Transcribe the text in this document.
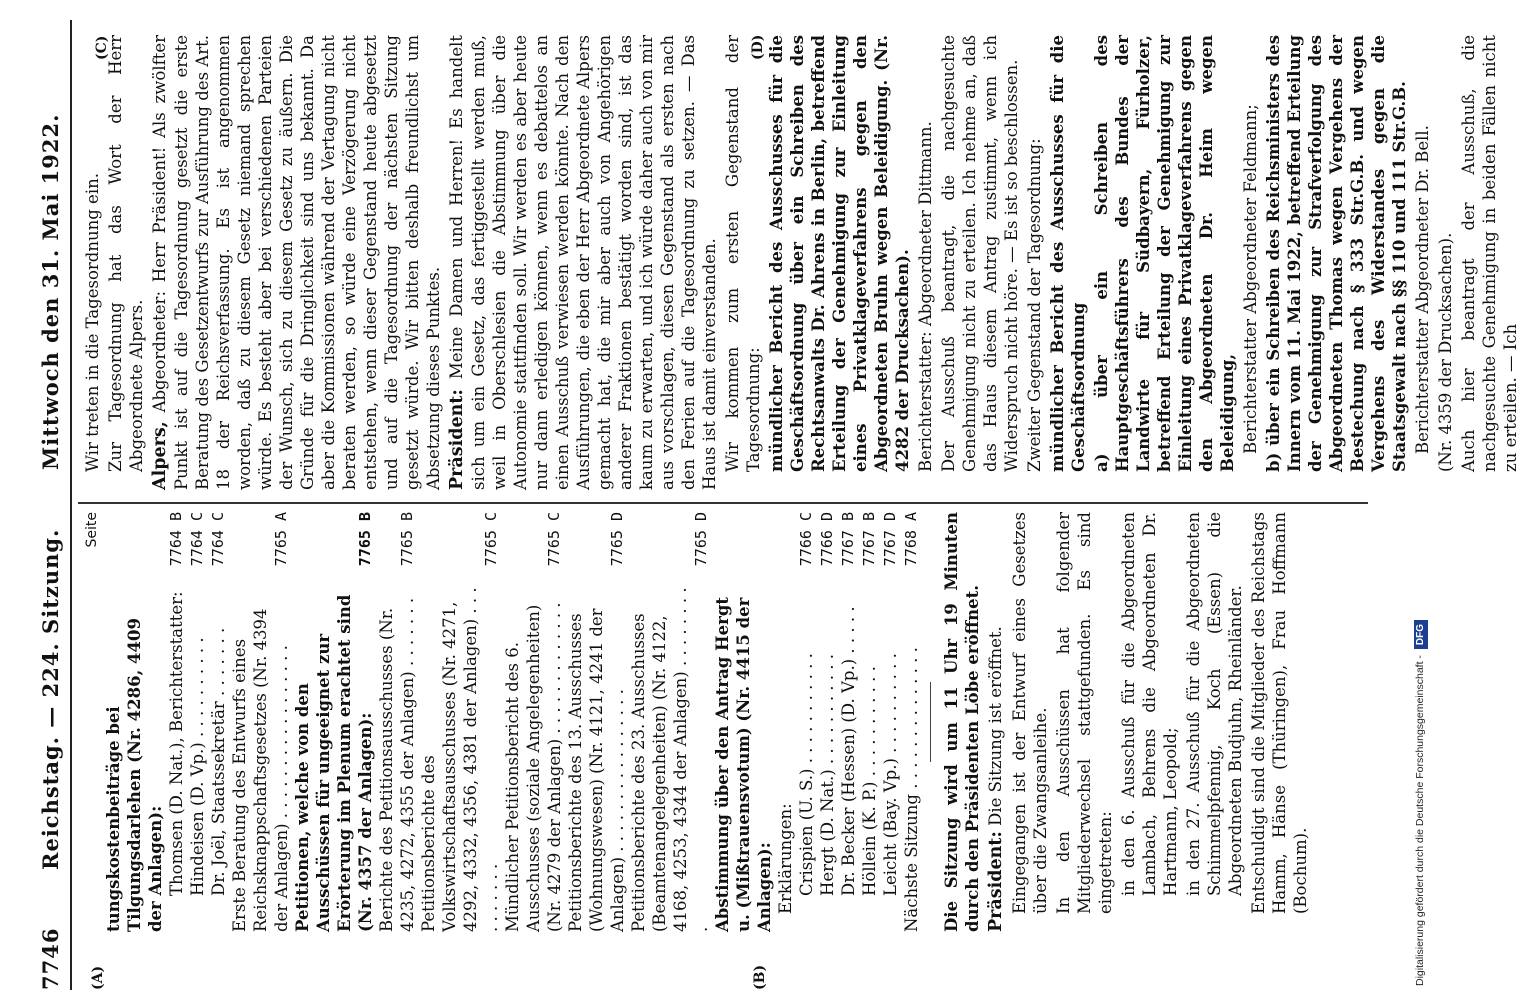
7746
Reichstag. — 224. Sitzung.
Mittwoch den 31. Mai 1922.
(A)	(B)
(C)	(D)
Seite
tungskostenbeiträge bei Tilgungsdarlehen (Nr. 4286, 4409 der Anlagen): Thomsen (D. Nat.), Berichterstatter:
7764 B
Hindeisen (D. Vp.) . . . . . . . . . .
7764 C
Dr. Joël, Staatssekretär . . . . . . .
7764 C
Erste Beratung des Entwurfs eines Reichsknappschaftsgesetzes (Nr. 4394 der Anlagen) . . . . . . . . . . . . . . . . .
7765 A
Petitionen, welche von den Ausschüssen für ungeeignet zur Erörterung im Plenum erachtet sind (Nr. 4357 der Anlagen):
7765 B
Berichte des Petitionsausschusses (Nr. 4235, 4272, 4355 der Anlagen) . . . . . . .
7765 B
Petitionsberichte des Volkswirtschaftsausschusses (Nr. 4271, 4292, 4332, 4356, 4381 der Anlagen) . . . . . . . . . .
7765 C
Mündlicher Petitionsbericht des 6. Ausschusses (soziale Angelegenheiten) (Nr. 4279 der Anlagen) . . . . . . . . . . . . .
7765 C
Petitionsberichte des 13. Ausschusses (Wohnungswesen) (Nr. 4121, 4241 der Anlagen) . . . . . . . . . . . . . . . .
7765 D
Petitionsberichte des 23. Ausschusses (Beamtenangelegenheiten) (Nr. 4122, 4168, 4253, 4344 der Anlagen) . . . . . . . . .
7765 D
Abstimmung über den Antrag Hergt u. (Mißtrauensvotum) (Nr. 4415 der Anlagen): Erklärungen: Crispien (U. S.) . . . . . . . . . . .
7766 C
Hergt (D. Nat.) . . . . . . . . . . .
7766 D
Dr. Becker (Hessen) (D. Vp.) . . . . .
7767 B
Höllein (K. P.) . . . . . . . . . . .
7767 B
Leicht (Bay. Vp.) . . . . . . . . . .
7767 D
Nächste Sitzung . . . . . . . . . . . . . .
7768 A Die Sitzung wird um 11 Uhr 19 Minuten durch den Präsidenten Löbe eröffnet. Präsident: Die Sitzung ist eröffnet. Eingegangen ist der Entwurf eines Gesetzes über die Zwangsanleihe. In den Ausschüssen hat folgender Mitgliederwechsel stattgefunden. Es sind eingetreten: in den 6. Ausschuß für die Abgeordneten Lambach, Behrens die Abgeordneten Dr. Hartmann, Leopold; in den 27. Ausschuß für die Abgeordneten Schimmelpfennig, Koch (Essen) die Abgeordneten Budjuhn, Rheinländer. Entschuldigt sind die Mitglieder des Reichstags Hamm, Hänse (Thüringen), Frau Hoffmann (Bochum).

Wir treten in die Tagesordnung ein. Zur Tagesordnung hat das Wort der Herr Abgeordnete Alpers. Alpers, Abgeordneter: Herr Präsident! Als zwölfter Punkt ist auf die Tagesordnung gesetzt die erste Beratung des Gesetzentwurfs zur Ausführung des Art. 18 der Reichsverfassung. Es ist angenommen worden, daß zu diesem Gesetz niemand sprechen würde. Es besteht aber bei verschiedenen Parteien der Wunsch, sich zu diesem Gesetz zu äußern. Die Gründe für die Dringlichkeit sind uns bekannt. Da aber die Kommissionen während der Vertagung nicht beraten werden, so würde eine Verzögerung nicht entstehen, wenn dieser Gegenstand heute abgesetzt und auf die Tagesordnung der nächsten Sitzung gesetzt würde. Wir bitten deshalb freundlichst um Absetzung dieses Punktes. Präsident: Meine Damen und Herren! Es handelt sich um ein Gesetz, das fertiggestellt werden muß, weil in Oberschlesien die Abstimmung über die Autonomie stattfinden soll. Wir werden es aber heute nur dann erledigen können, wenn es debattelos an einen Ausschuß verwiesen werden könnte. Nach den Ausführungen, die eben der Herr Abgeordnete Alpers gemacht hat, die mir aber auch von Angehörigen anderer Fraktionen bestätigt worden sind, ist das kaum zu erwarten, und ich würde daher auch von mir aus vorschlagen, diesen Gegenstand als ersten nach den Ferien auf die Tagesordnung zu setzen. — Das Haus ist damit einverstanden. Wir kommen zum ersten Gegenstand der Tagesordnung: mündlicher Bericht des Ausschusses für die Geschäftsordnung über ein Schreiben des Rechtsanwalts Dr. Ahrens in Berlin, betreffend Erteilung der Genehmigung zur Einleitung eines Privatklageverfahrens gegen den Abgeordneten Bruhn wegen Beleidigung. (Nr. 4282 der Drucksachen). Berichterstatter: Abgeordneter Dittmann. Der Ausschuß beantragt, die nachgesuchte Genehmigung nicht zu erteilen. Ich nehme an, daß das Haus diesem Antrag zustimmt, wenn ich Widerspruch nicht höre. — Es ist so beschlossen. Zweiter Gegenstand der Tagesordnung: mündlicher Bericht des Ausschusses für die Geschäftsordnung a) über ein Schreiben des Hauptgeschäftsführers des Bundes der Landwirte für Südbayern, Fürholzer, betreffend Erteilung der Genehmigung zur Einleitung eines Privatklageverfahrens gegen den Abgeordneten Dr. Heim wegen Beleidigung, Berichterstatter Abgeordneter Feldmann; b) über ein Schreiben des Reichsministers des Innern vom 11. Mai 1922, betreffend Erteilung der Genehmigung zur Strafverfolgung des Abgeordneten Thomas wegen Vergehens der Bestechung nach § 333 Str.G.B. und wegen Vergehens des Widerstandes gegen die Staatsgewalt nach §§ 110 und 111 Str.G.B. Berichterstatter Abgeordneter Dr. Bell. (Nr. 4359 der Drucksachen). Auch hier beantragt der Ausschuß, die nachgesuchte Genehmigung in beiden Fällen nicht zu erteilen. — Ich

Digitalisierung gefördert durch die Deutsche Forschungsgemeinschaft -DFG
